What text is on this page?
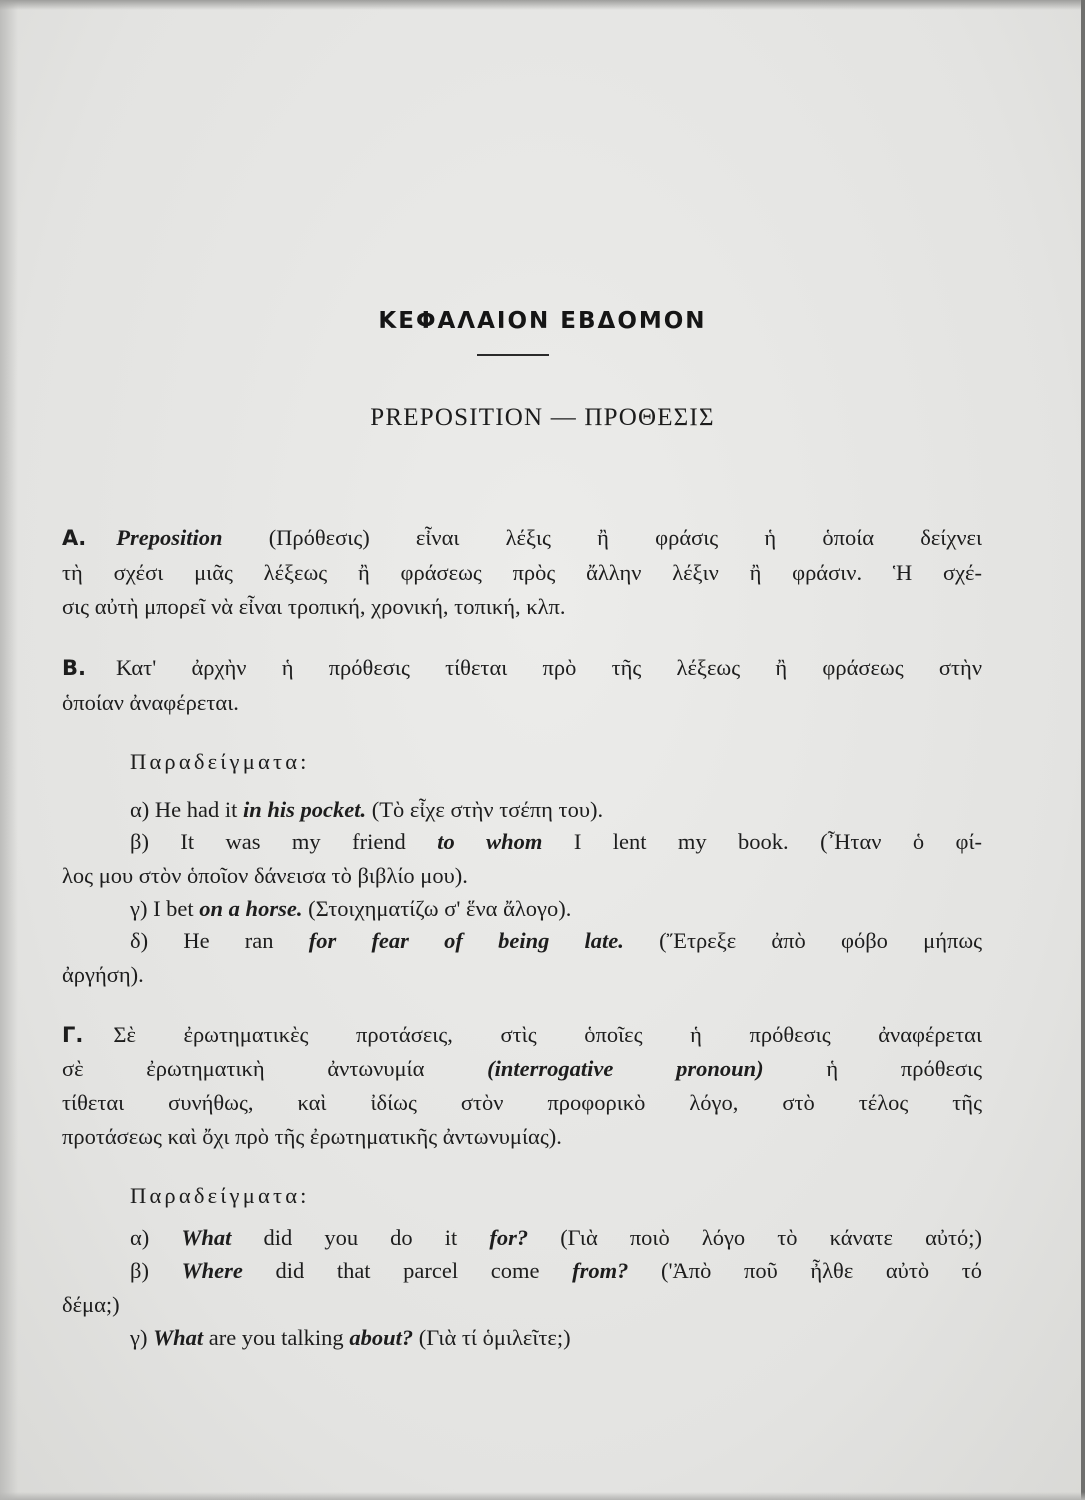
ΚΕΦΑΛΑΙΟΝ ΕΒΔΟΜΟΝ
PREPOSITION — ΠΡΟΘΕΣΙΣ
Α. Preposition (Πρόθεσις) εἶναι λέξις ἢ φράσις ἡ ὁποία δείχνει
τὴ σχέσι μιᾶς λέξεως ἢ φράσεως πρὸς ἄλλην λέξιν ἢ φράσιν. Ἡ σχέ-
σις αὐτὴ μπορεῖ νὰ εἶναι τροπική, χρονική, τοπική, κλπ.
Β. Κατ' ἀρχὴν ἡ πρόθεσις τίθεται πρὸ τῆς λέξεως ἢ φράσεως στὴν
ὁποίαν ἀναφέρεται.
Παραδείγματα:
α) He had it in his pocket. (Τὸ εἶχε στὴν τσέπη του).
β) It was my friend to whom I lent my book. (Ἦταν ὁ φί-
λος μου στὸν ὁποῖον δάνεισα τὸ βιβλίο μου).
γ) I bet on a horse. (Στοιχηματίζω σ' ἕνα ἄλογο).
δ) He ran for fear of being late. (Ἔτρεξε ἀπὸ φόβο μήπως
ἀργήση).
Γ. Σὲ ἐρωτηματικὲς προτάσεις, στὶς ὁποῖες ἡ πρόθεσις ἀναφέρεται
σὲ ἐρωτηματικὴ ἀντωνυμία	(interrogative pronoun)	ἡ πρόθεσις
τίθεται συνήθως, καὶ ἰδίως στὸν προφορικὸ λόγο, στὸ τέλος τῆς
προτάσεως καὶ ὄχι πρὸ τῆς ἐρωτηματικῆς ἀντωνυμίας).
Παραδείγματα:
α) What did you do it for? (Γιὰ ποιὸ λόγο τὸ κάνατε αὐτό;)
β) Where did that parcel come from? ('Ἀπὸ ποῦ ἦλθε αὐτὸ τό
δέμα;)
γ) What are you talking about? (Γιὰ τί ὁμιλεῖτε;)
